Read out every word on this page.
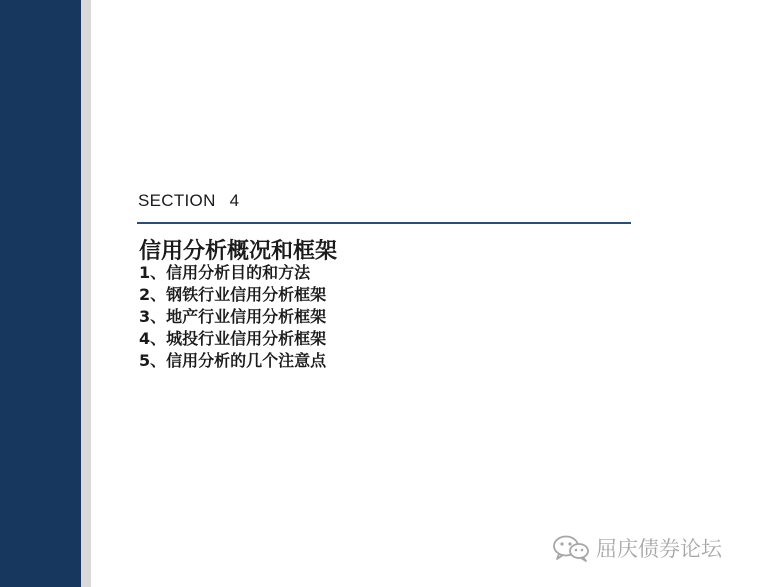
SECTION 4
信用分析概况和框架
1、信用分析目的和方法
2、钢铁行业信用分析框架
3、地产行业信用分析框架
4、城投行业信用分析框架
5、信用分析的几个注意点
屈庆债券论坛
